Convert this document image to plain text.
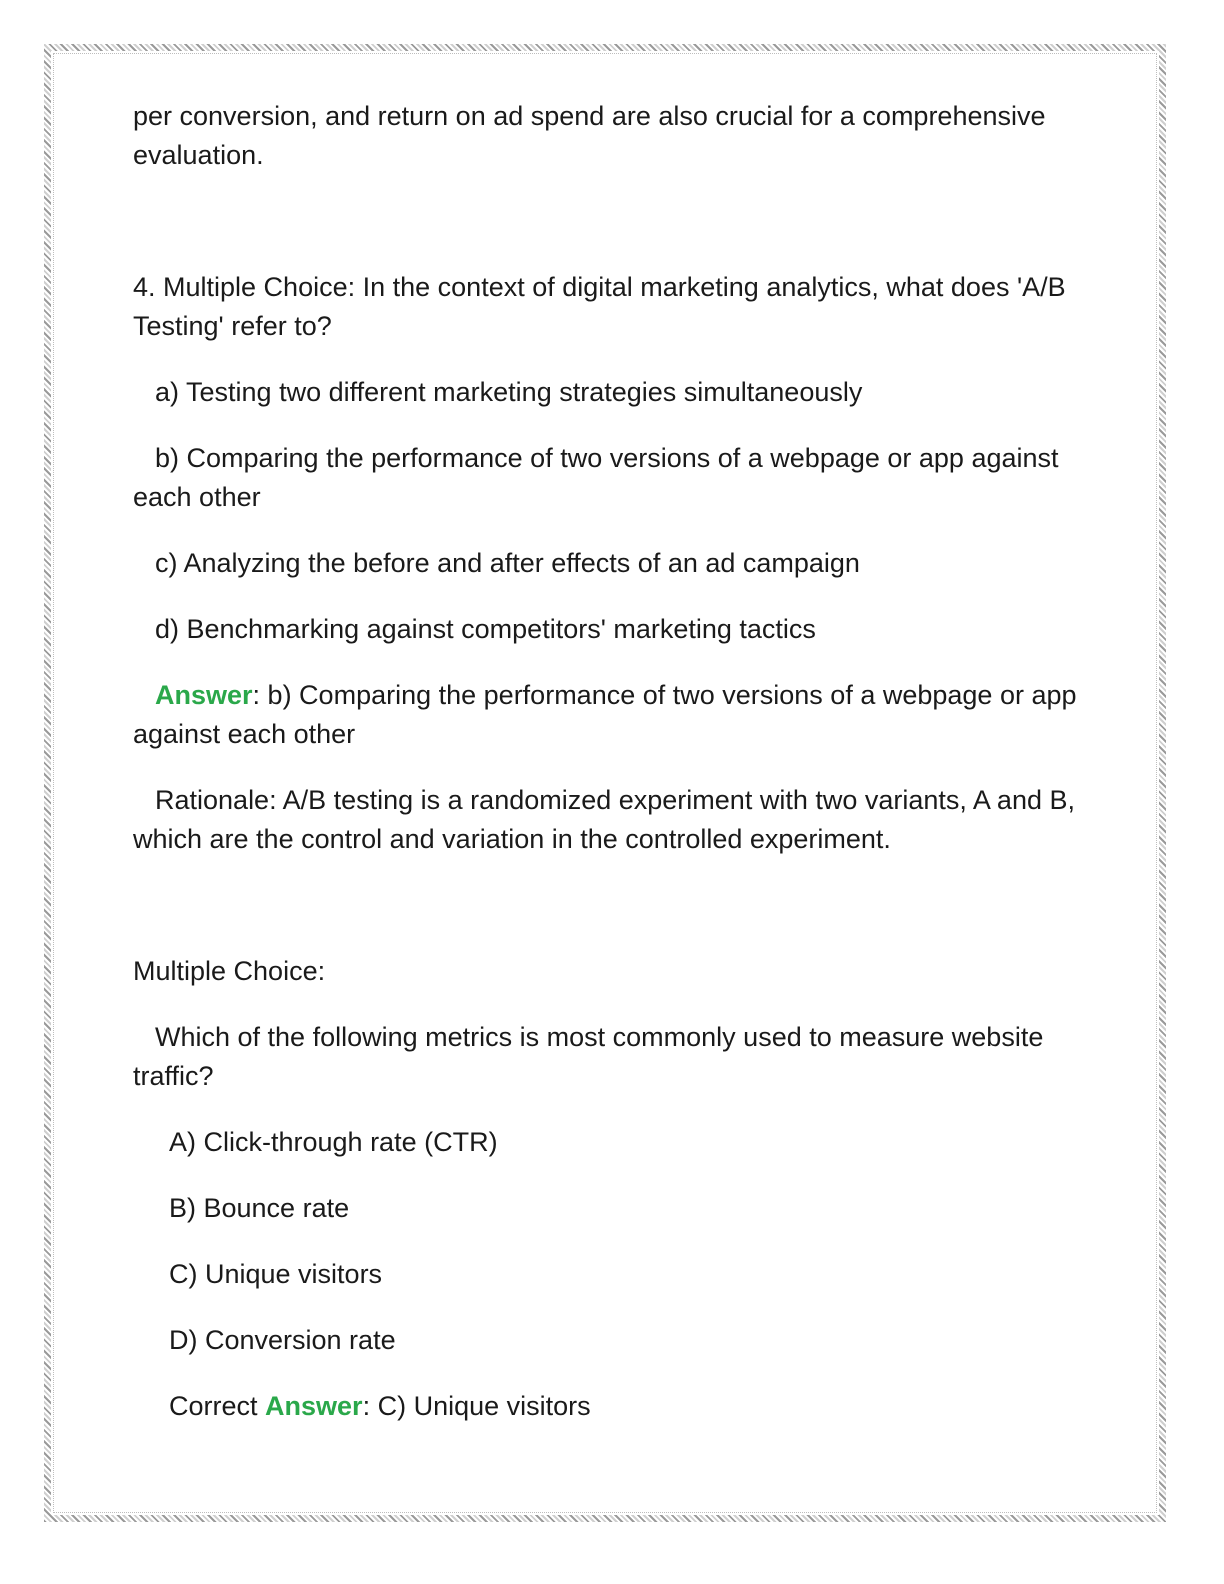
per conversion, and return on ad spend are also crucial for a comprehensive evaluation.

4. Multiple Choice: In the context of digital marketing analytics, what does 'A/B Testing' refer to?

a) Testing two different marketing strategies simultaneously

b) Comparing the performance of two versions of a webpage or app against each other

c) Analyzing the before and after effects of an ad campaign

d) Benchmarking against competitors' marketing tactics

Answer: b) Comparing the performance of two versions of a webpage or app against each other

Rationale: A/B testing is a randomized experiment with two variants, A and B, which are the control and variation in the controlled experiment.

Multiple Choice:

Which of the following metrics is most commonly used to measure website traffic?

A) Click-through rate (CTR)

B) Bounce rate

C) Unique visitors

D) Conversion rate

Correct Answer: C) Unique visitors
